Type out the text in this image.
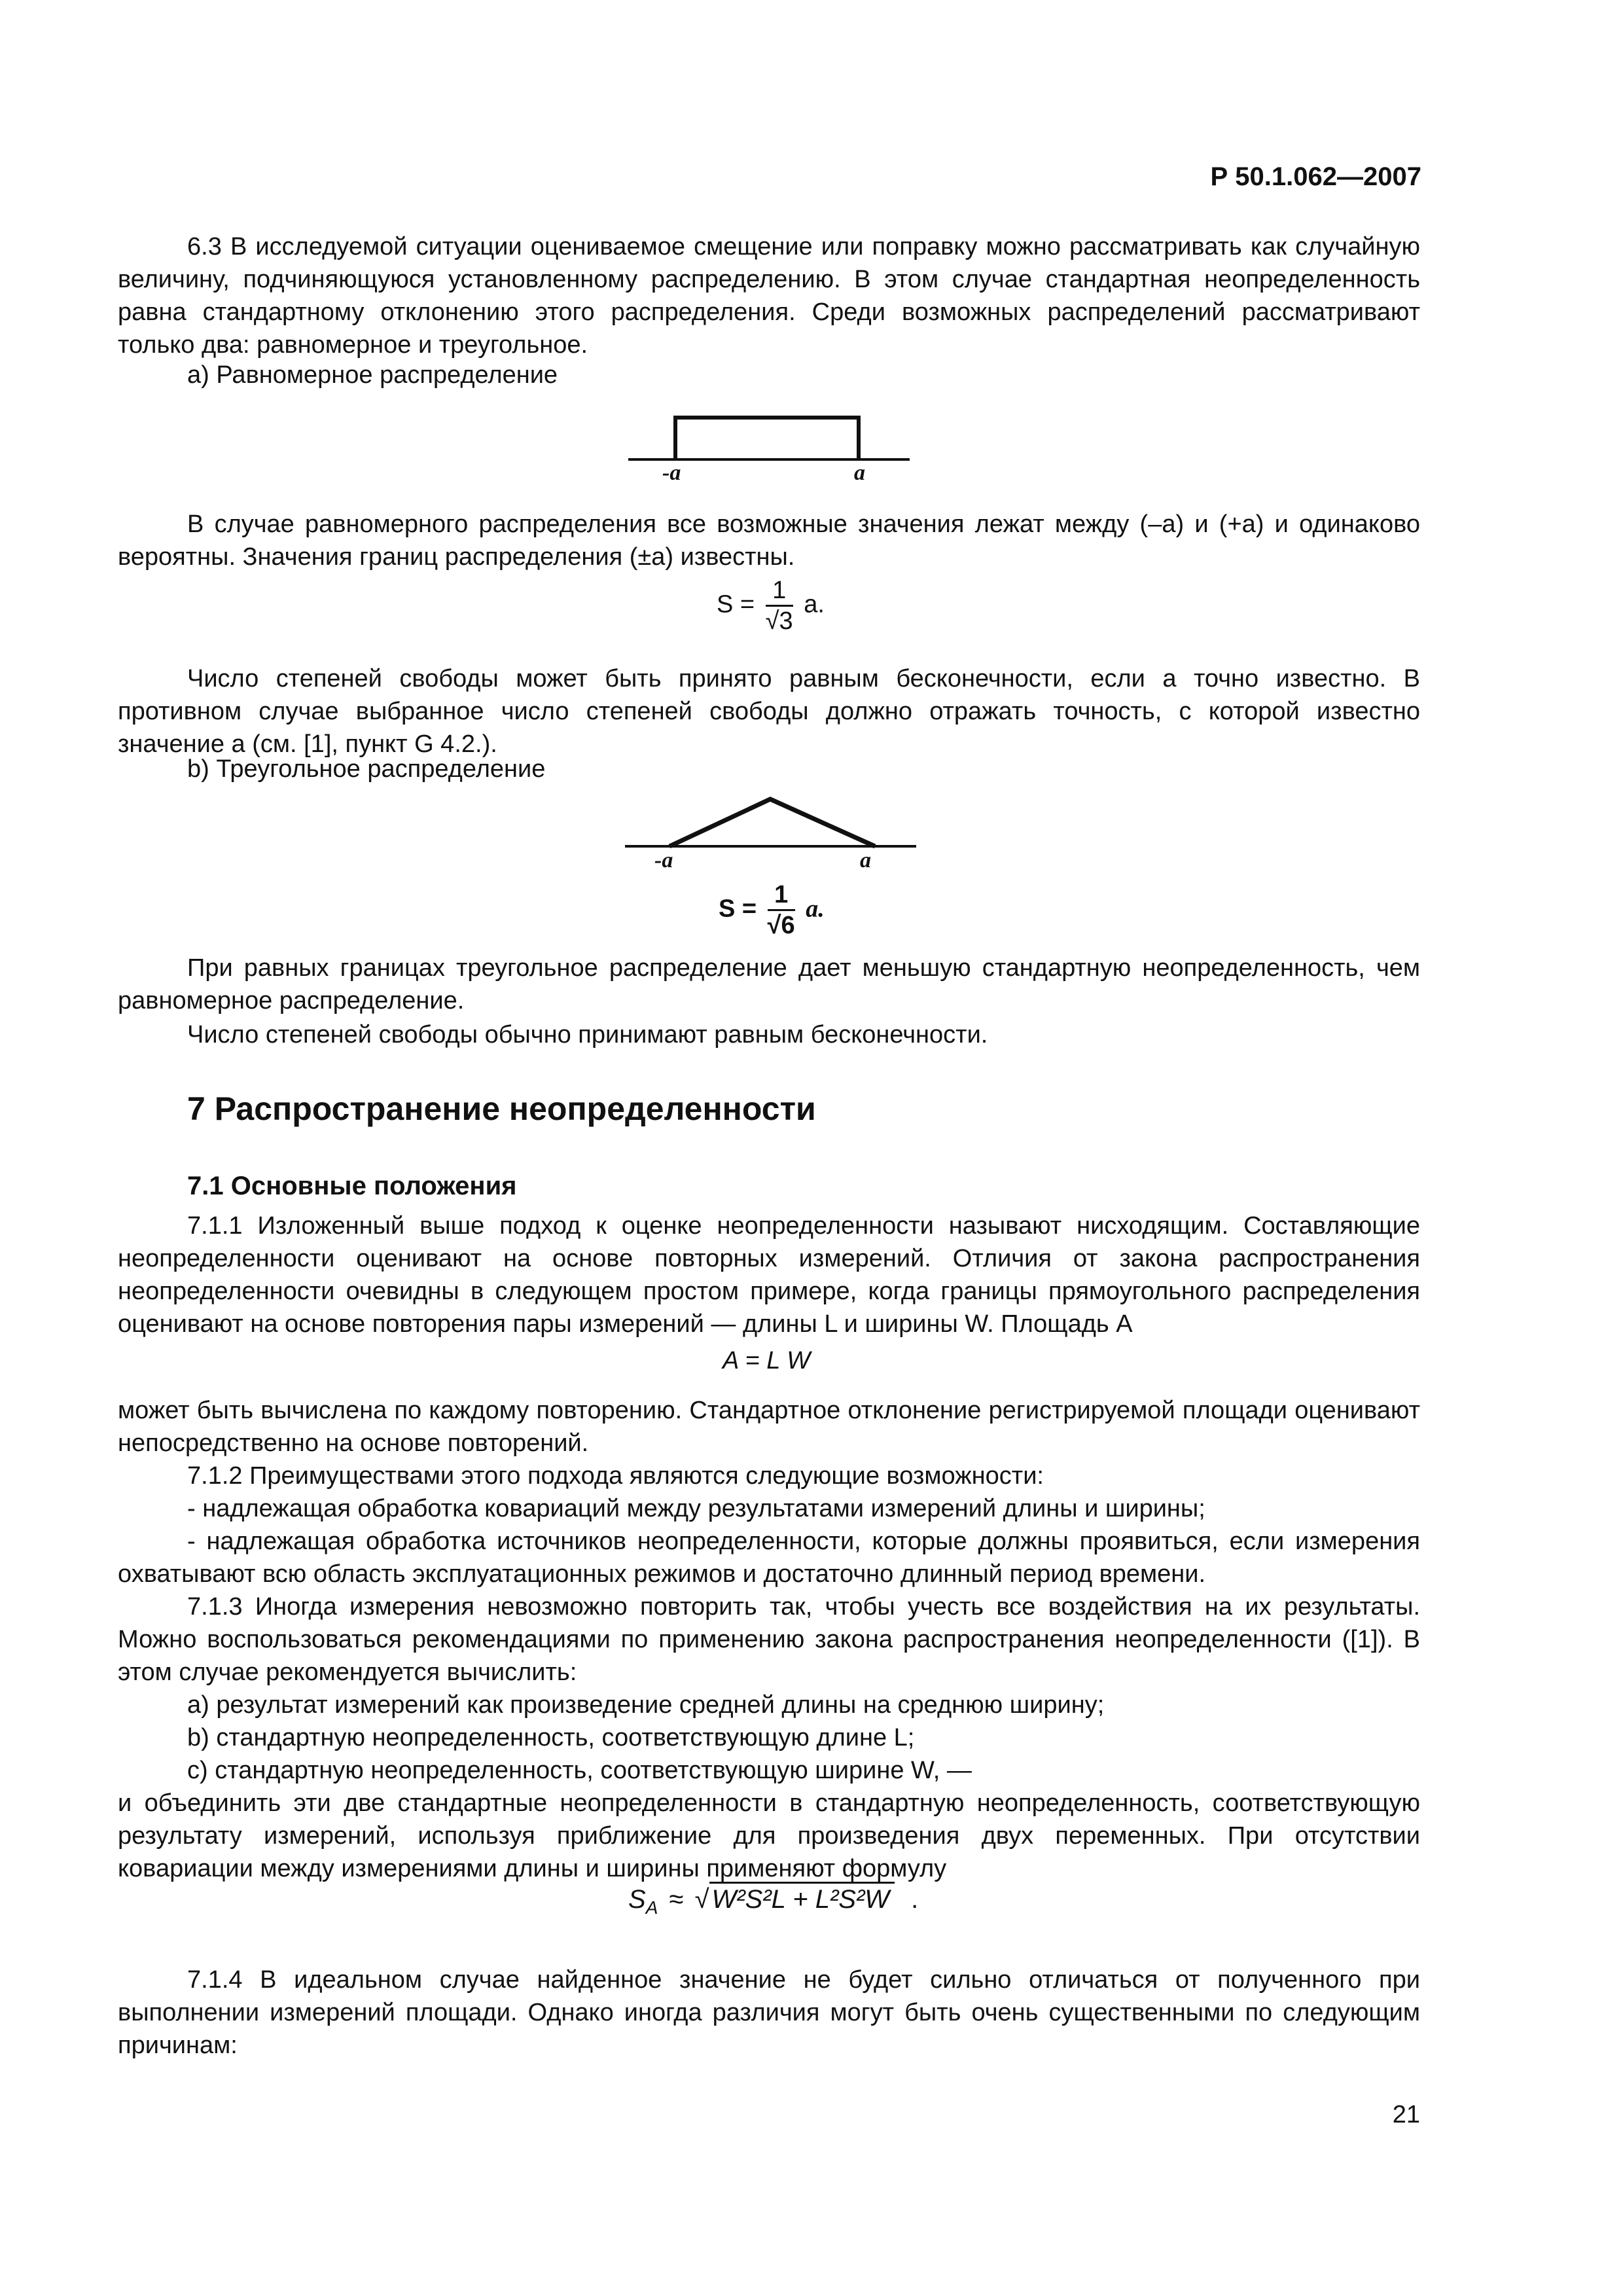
Р 50.1.062—2007

6.3 В исследуемой ситуации оцениваемое смещение или поправку можно рассматривать как случайную величину, подчиняющуюся установленному распределению. В этом случае стандартная неопределенность равна стандартному отклонению этого распределения. Среди возможных распределений рассматривают только два: равномерное и треугольное.

а) Равномерное распределение

-a	a

В случае равномерного распределения все возможные значения лежат между (–a) и (+a) и одинаково вероятны. Значения границ распределения (±a) известны.

$S = \frac{1}{√3} a$.

Число степеней свободы может быть принято равным бесконечности, если a точно известно. В противном случае выбранное число степеней свободы должно отражать точность, с которой известно значение a (см. [1], пункт G 4.2.).

b) Треугольное распределение

-a	a
$S = \frac{1}{√6} a$.

При равных границах треугольное распределение дает меньшую стандартную неопределенность, чем равномерное распределение.

Число степеней свободы обычно принимают равным бесконечности.

7 Распространение неопределенности
7.1 Основные положения

7.1.1 Изложенный выше подход к оценке неопределенности называют нисходящим. Составляющие неопределенности оценивают на основе повторных измерений. Отличия от закона распространения неопределенности очевидны в следующем простом примере, когда границы прямоугольного распределения оценивают на основе повторения пары измерений — длины L и ширины W. Площадь A

A = L W

может быть вычислена по каждому повторению. Стандартное отклонение регистрируемой площади оценивают непосредственно на основе повторений.

7.1.2 Преимуществами этого подхода являются следующие возможности:

- надлежащая обработка ковариаций между результатами измерений длины и ширины;

- надлежащая обработка источников неопределенности, которые должны проявиться, если измерения охватывают всю область эксплуатационных режимов и достаточно длинный период времени.

7.1.3 Иногда измерения невозможно повторить так, чтобы учесть все воздействия на их результаты. Можно воспользоваться рекомендациями по применению закона распространения неопределенности ([1]). В этом случае рекомендуется вычислить:

а) результат измерений как произведение средней длины на среднюю ширину;

b) стандартную неопределенность, соответствующую длине L;

c) стандартную неопределенность, соответствующую ширине W, —

и объединить эти две стандартные неопределенности в стандартную неопределенность, соответствующую результату измерений, используя приближение для произведения двух переменных. При отсутствии ковариации между измерениями длины и ширины применяют формулу

$S_A$ ≈ √ W²S²L + L²S²W .

7.1.4 В идеальном случае найденное значение не будет сильно отличаться от полученного при выполнении измерений площади. Однако иногда различия могут быть очень существенными по следующим причинам:

21
